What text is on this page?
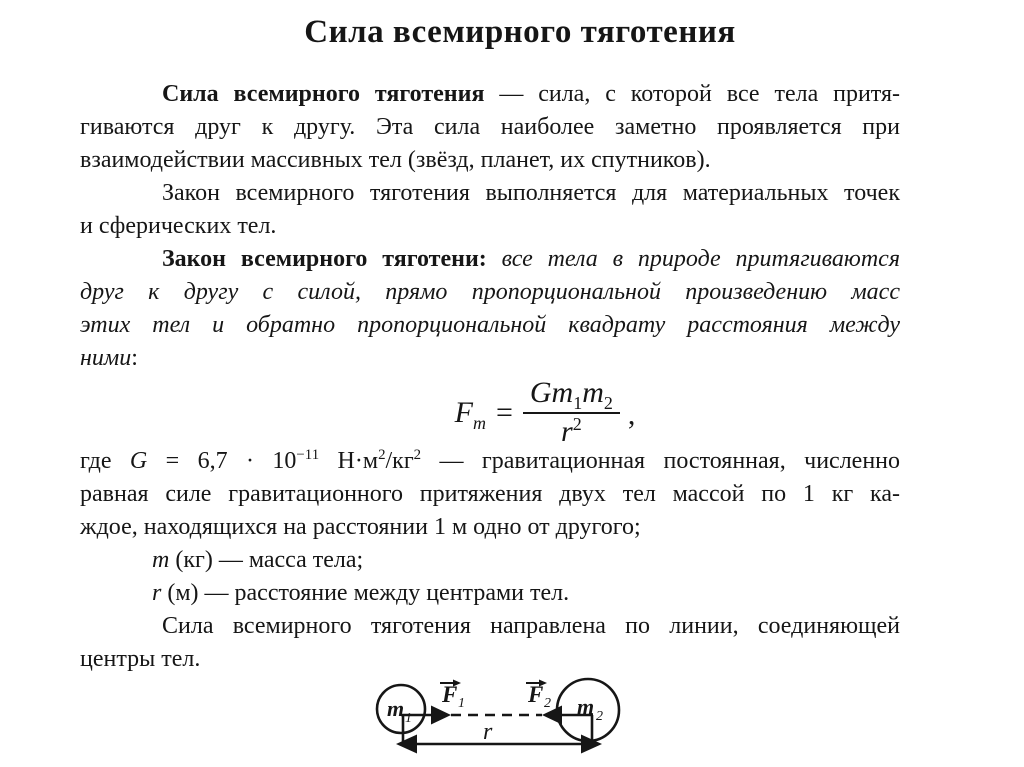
Сила всемирного тяготения
Сила всемирного тяготения — сила, с которой все тела притя-
гиваются друг к другу. Эта сила наиболее заметно проявляется при
взаимодействии массивных тел (звёзд, планет, их спутников).
Закон всемирного тяготения выполняется для материальных точек
и сферических тел.
Закон всемирного тяготени: все тела в природе притягиваются
друг к другу с силой, прямо пропорциональной произведению масс
этих тел и обратно пропорциональной квадрату расстояния между
ними:
$F_m = \frac{Gm_1m_2}{r^2}$ ,
где $G = 6,7 \cdot 10^{-11}$ $Н\cdot м^2/кг^2$ — гравитационная постоянная, численно
равная силе гравитационного притяжения двух тел массой по 1 кг ка-
ждое, находящихся на расстоянии 1 м одно от другого;
m (кг) — масса тела;
r (м) — расстояние между центрами тел.
Сила всемирного тяготения направлена по линии, соединяющей
центры тел.
m 1	m 2
F 1	F 2
r
